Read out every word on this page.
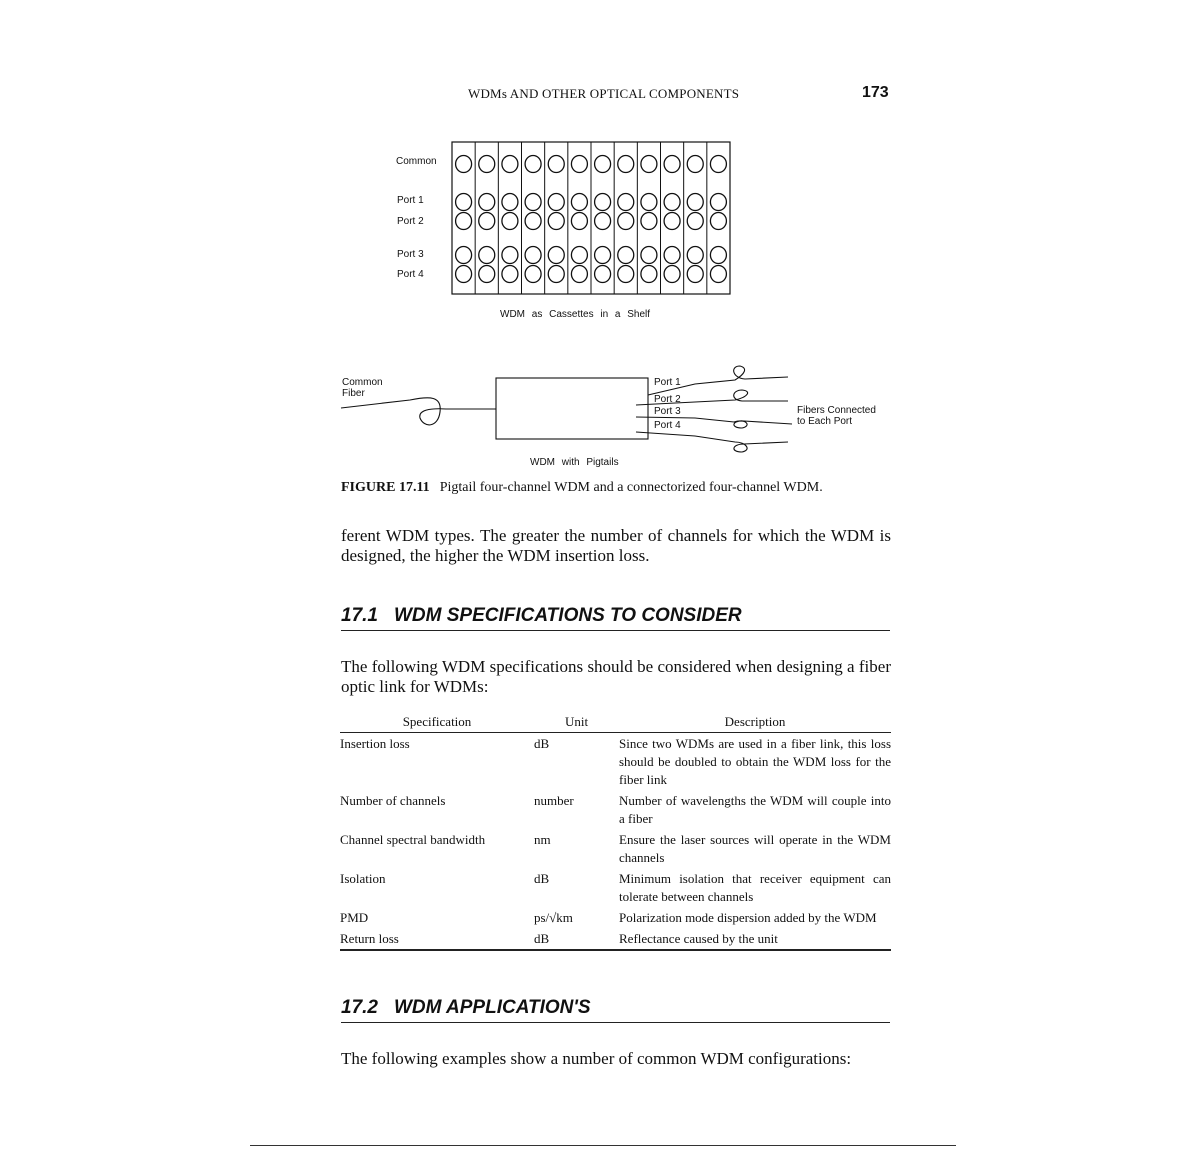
WDMs AND OTHER OPTICAL COMPONENTS	173
Common
Port 1
Port 2
Port 3
Port 4
WDM as Cassettes in a Shelf
Common
Fiber
Port 1
Port 2
Port 3
Port 4
Fibers Connected
to Each Port
WDM with Pigtails
FIGURE 17.11 Pigtail four-channel WDM and a connectorized four-channel WDM.
ferent WDM types. The greater the number of channels for which the WDM is designed, the higher the WDM insertion loss.
17.1 WDM SPECIFICATIONS TO CONSIDER
The following WDM specifications should be considered when designing a fiber optic link for WDMs:
Specification	Unit	Description
Insertion loss	dB	Since two WDMs are used in a fiber link, this loss should be doubled to obtain the WDM loss for the fiber link
Number of channels	number	Number of wavelengths the WDM will couple into a fiber
Channel spectral bandwidth	nm	Ensure the laser sources will operate in the WDM channels
Isolation	dB	Minimum isolation that receiver equipment can tolerate between channels
PMD	ps/√km	Polarization mode dispersion added by the WDM
Return loss	dB	Reflectance caused by the unit
17.2 WDM APPLICATION'S
The following examples show a number of common WDM configurations:
